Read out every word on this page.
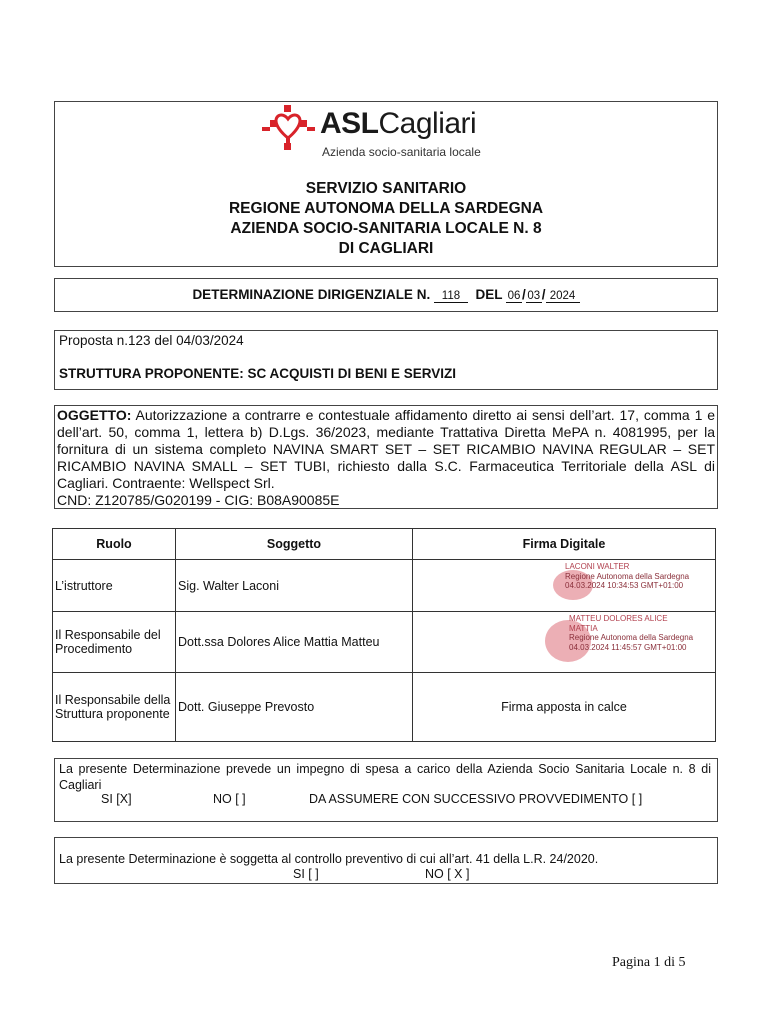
ASLCagliari
Azienda socio-sanitaria locale
SERVIZIO SANITARIO
REGIONE AUTONOMA DELLA SARDEGNA
AZIENDA SOCIO-SANITARIA LOCALE N. 8
DI CAGLIARI
DETERMINAZIONE DIRIGENZIALE N. 118 DEL 06 / 03 / 2024
Proposta n.123 del 04/03/2024
STRUTTURA PROPONENTE: SC ACQUISTI DI BENI E SERVIZI

OGGETTO: Autorizzazione a contrarre e contestuale affidamento diretto ai sensi dell’art. 17, comma 1 e dell’art. 50, comma 1, lettera b) D.Lgs. 36/2023, mediante Trattativa Diretta MePA n. 4081995, per la fornitura di un sistema completo NAVINA SMART SET – SET RICAMBIO NAVINA REGULAR – SET RICAMBIO NAVINA SMALL – SET TUBI, richiesto dalla S.C. Farmaceutica Territoriale della ASL di Cagliari. Contraente: Wellspect Srl.

CND: Z120785/G020199 - CIG: B08A90085E
Ruolo	Soggetto	Firma Digitale
L’istruttore	Sig. Walter Laconi	LACONI WALTER
Regione Autonoma della Sardegna
04.03.2024 10:34:53 GMT+01:00

Il Responsabile del Procedimento	Dott.ssa Dolores Alice Mattia Matteu	MATTEU DOLORES ALICE
MATTIA
Regione Autonoma della Sardegna
04.03.2024 11:45:57 GMT+01:00

Il Responsabile della Struttura proponente	Dott. Giuseppe Prevosto	Firma apposta in calce
La presente Determinazione prevede un impegno di spesa a carico della Azienda Socio Sanitaria Locale n. 8 di Cagliari
SI [X]	NO [ ]	DA ASSUMERE CON SUCCESSIVO PROVVEDIMENTO [ ]
La presente Determinazione è soggetta al controllo preventivo di cui all’art. 41 della L.R. 24/2020.
SI [ ]	NO [ X ]
Pagina 1 di 5
